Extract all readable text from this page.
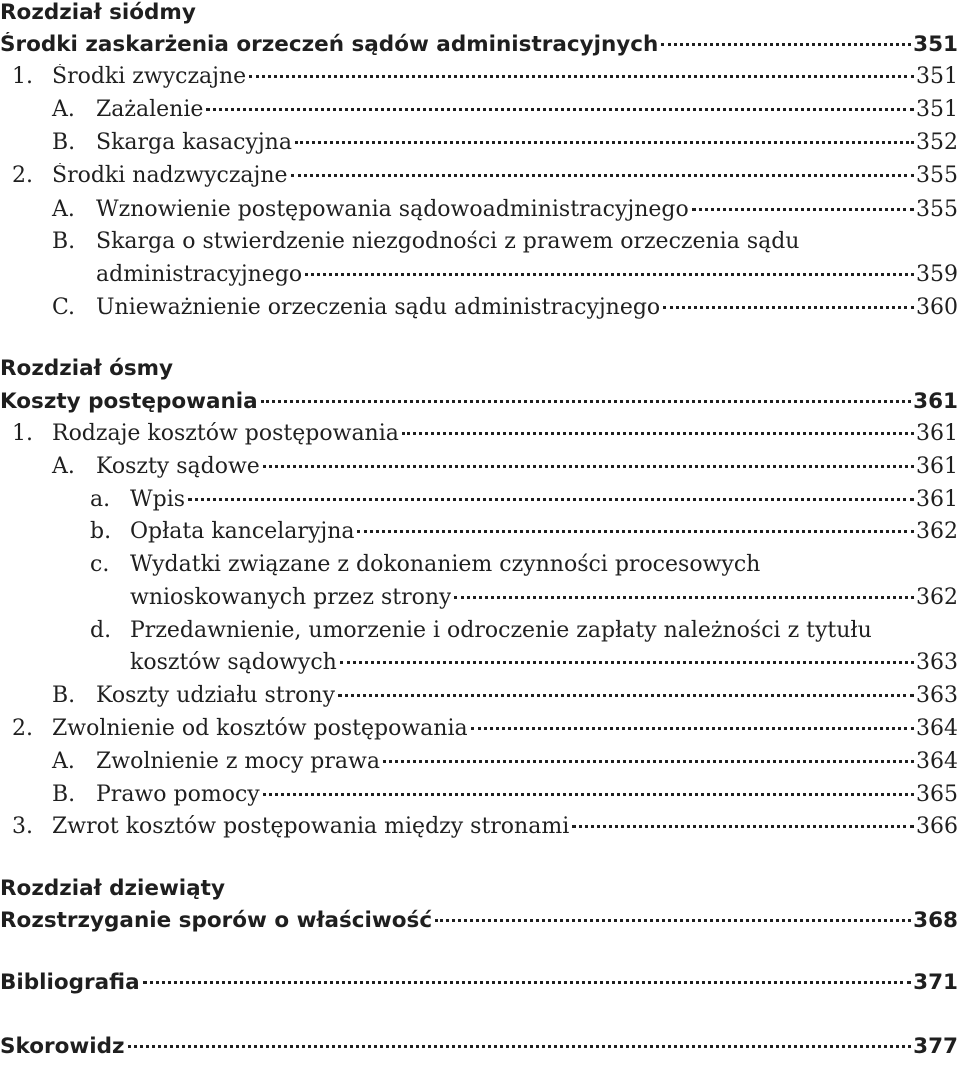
Rozdział siódmy
Środki zaskarżenia orzeczeń sądów administracyjnych	351
1. Środki zwyczajne	351
A. Zażalenie	351
B. Skarga kasacyjna	352
2. Środki nadzwyczajne	355
A. Wznowienie postępowania sądowoadministracyjnego	355
B. Skarga o stwierdzenie niezgodności z prawem orzeczenia sądu
administracyjnego	359
C. Unieważnienie orzeczenia sądu administracyjnego	360
Rozdział ósmy
Koszty postępowania	361
1. Rodzaje kosztów postępowania	361
A. Koszty sądowe	361
a. Wpis	361
b. Opłata kancelaryjna	362
c. Wydatki związane z dokonaniem czynności procesowych
wnioskowanych przez strony	362
d. Przedawnienie, umorzenie i odroczenie zapłaty należności z tytułu
kosztów sądowych	363
B. Koszty udziału strony	363
2. Zwolnienie od kosztów postępowania	364
A. Zwolnienie z mocy prawa	364
B. Prawo pomocy	365
3. Zwrot kosztów postępowania między stronami	366
Rozdział dziewiąty
Rozstrzyganie sporów o właściwość	368
Bibliografia	371
Skorowidz	377
